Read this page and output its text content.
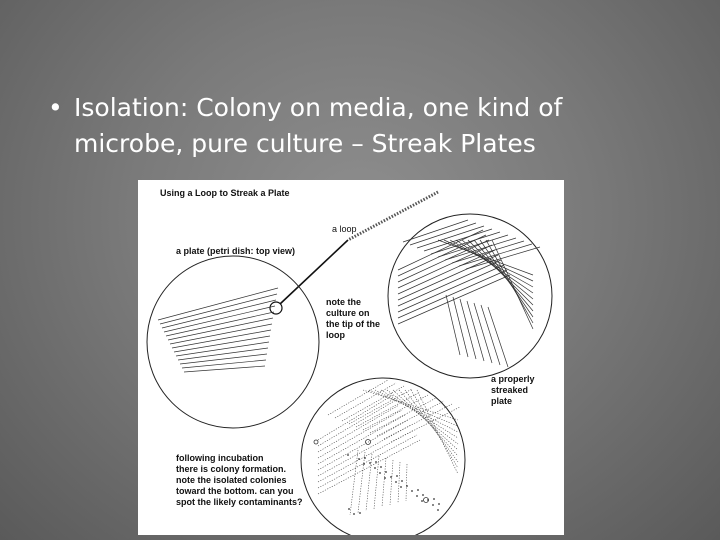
• Isolation: Colony on media, one kind of
microbe, pure culture – Streak Plates
Using a Loop to Streak a Plate
a loop
a plate (petri dish: top view)
note the
culture on
the tip of the
loop
a properly
streaked
plate
following incubation
there is colony formation.
note the isolated colonies
toward the bottom. can you
spot the likely contaminants?
